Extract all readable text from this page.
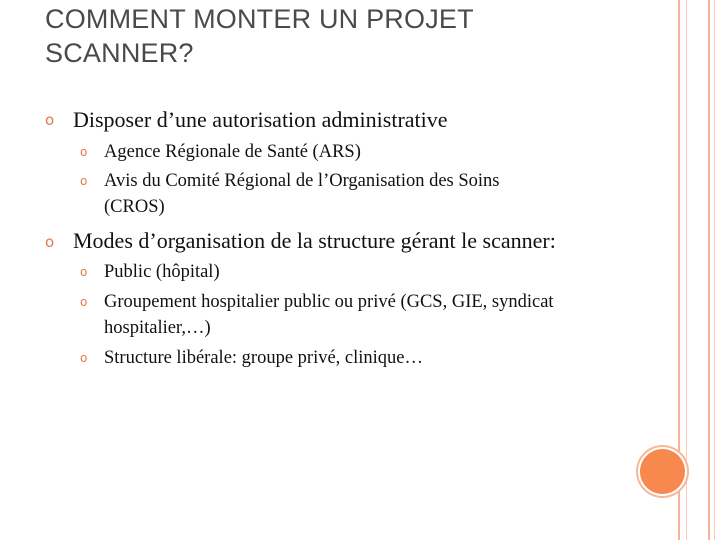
COMMENT MONTER UN PROJET
SCANNER?
o Disposer d’une autorisation administrative
o Agence Régionale de Santé (ARS)
o Avis du Comité Régional de l’Organisation des Soins
(CROS)
o Modes d’organisation de la structure gérant le scanner:
o Public (hôpital)
o Groupement hospitalier public ou privé (GCS, GIE, syndicat
hospitalier,…)
o Structure libérale: groupe privé, clinique…
